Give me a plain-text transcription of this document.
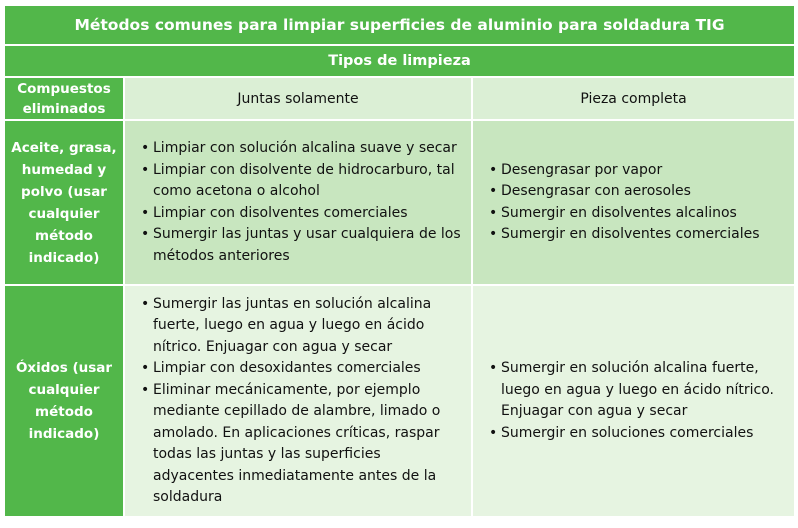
Métodos comunes para limpiar superficies de aluminio para soldadura TIG
Tipos de limpieza
Compuestos eliminados
Juntas solamente	Pieza completa
Aceite, grasa, humedad y polvo (usar cualquier método indicado)
• Limpiar con solución alcalina suave y secar
• Limpiar con disolvente de hidrocarburo, tal como acetona o alcohol
• Limpiar con disolventes comerciales
• Sumergir las juntas y usar cualquiera de los métodos anteriores
• Desengrasar por vapor
• Desengrasar con aerosoles
• Sumergir en disolventes alcalinos
• Sumergir en disolventes comerciales
Óxidos (usar cualquier método indicado)
• Sumergir las juntas en solución alcalina fuerte, luego en agua y luego en ácido nítrico. Enjuagar con agua y secar
• Limpiar con desoxidantes comerciales
• Eliminar mecánicamente, por ejemplo mediante cepillado de alambre, limado o amolado. En aplicaciones críticas, raspar todas las juntas y las superficies adyacentes inmediatamente antes de la soldadura
• Sumergir en solución alcalina fuerte, luego en agua y luego en ácido nítrico. Enjuagar con agua y secar
• Sumergir en soluciones comerciales
